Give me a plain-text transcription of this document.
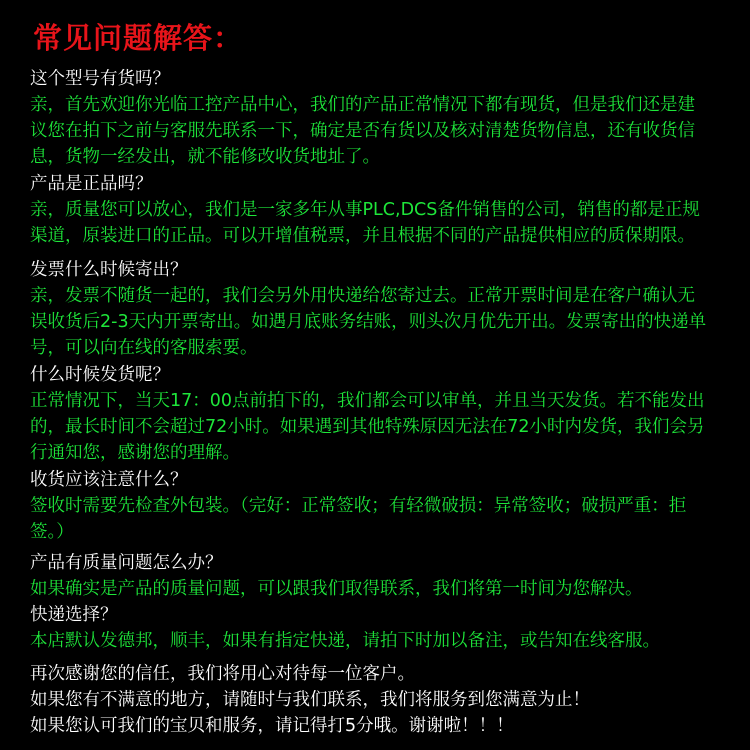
常见问题解答：
这个型号有货吗？
亲，首先欢迎你光临工控产品中心，我们的产品正常情况下都有现货，但是我们还是建
议您在拍下之前与客服先联系一下，确定是否有货以及核对清楚货物信息，还有收货信
息，货物一经发出，就不能修改收货地址了。
产品是正品吗？
亲，质量您可以放心，我们是一家多年从事PLC,DCS备件销售的公司，销售的都是正规
渠道，原装进口的正品。可以开增值税票，并且根据不同的产品提供相应的质保期限。
发票什么时候寄出？
亲，发票不随货一起的，我们会另外用快递给您寄过去。正常开票时间是在客户确认无
误收货后2-3天内开票寄出。如遇月底账务结账，则头次月优先开出。发票寄出的快递单
号，可以向在线的客服索要。
什么时候发货呢？
正常情况下，当天17：00点前拍下的，我们都会可以审单，并且当天发货。若不能发出
的，最长时间不会超过72小时。如果遇到其他特殊原因无法在72小时内发货，我们会另
行通知您，感谢您的理解。
收货应该注意什么？
签收时需要先检查外包装。（完好：正常签收；有轻微破损：异常签收；破损严重：拒
签。）
产品有质量问题怎么办？
如果确实是产品的质量问题，可以跟我们取得联系，我们将第一时间为您解决。
快递选择？
本店默认发德邦，顺丰，如果有指定快递，请拍下时加以备注，或告知在线客服。
再次感谢您的信任，我们将用心对待每一位客户。
如果您有不满意的地方，请随时与我们联系，我们将服务到您满意为止！
如果您认可我们的宝贝和服务，请记得打5分哦。谢谢啦！！！
